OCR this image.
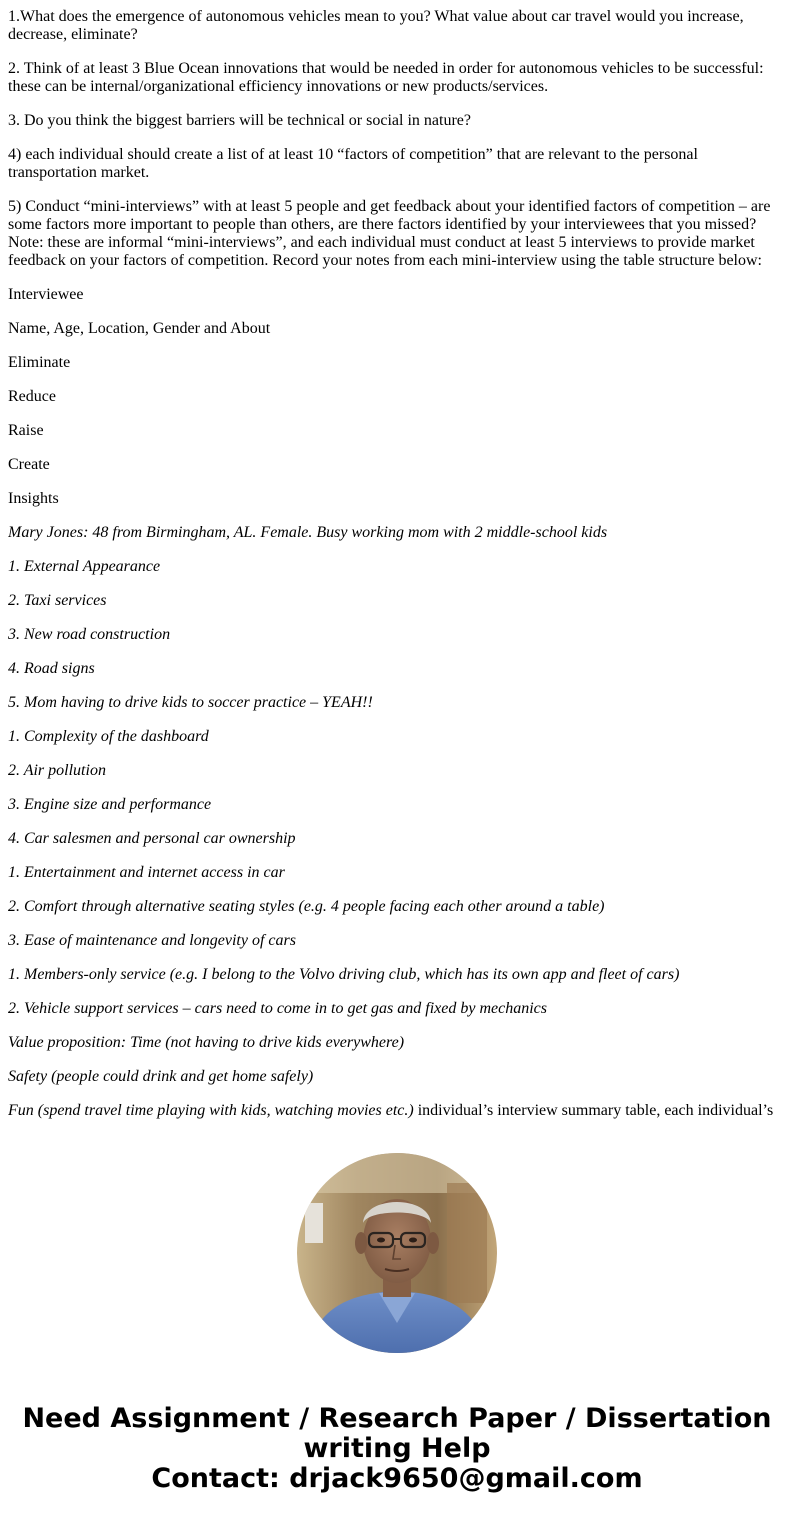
1.What does the emergence of autonomous vehicles mean to you? What value about car travel would you increase, decrease, eliminate?

2. Think of at least 3 Blue Ocean innovations that would be needed in order for autonomous vehicles to be successful: these can be internal/organizational efficiency innovations or new products/services.

3. Do you think the biggest barriers will be technical or social in nature?

4) each individual should create a list of at least 10 “factors of competition” that are relevant to the personal transportation market.

5) Conduct “mini-interviews” with at least 5 people and get feedback about your identified factors of competition – are some factors more important to people than others, are there factors identified by your interviewees that you missed? Note: these are informal “mini-interviews”, and each individual must conduct at least 5 interviews to provide market feedback on your factors of competition. Record your notes from each mini-interview using the table structure below:

Interviewee

Name, Age, Location, Gender and About

Eliminate

Reduce

Raise

Create

Insights

Mary Jones: 48 from Birmingham, AL. Female. Busy working mom with 2 middle-school kids

1. External Appearance

2. Taxi services

3. New road construction

4. Road signs

5. Mom having to drive kids to soccer practice – YEAH!!

1. Complexity of the dashboard

2. Air pollution

3. Engine size and performance

4. Car salesmen and personal car ownership

1. Entertainment and internet access in car

2. Comfort through alternative seating styles (e.g. 4 people facing each other around a table)

3. Ease of maintenance and longevity of cars

1. Members-only service (e.g. I belong to the Volvo driving club, which has its own app and fleet of cars)

2. Vehicle support services – cars need to come in to get gas and fixed by mechanics

Value proposition: Time (not having to drive kids everywhere)

Safety (people could drink and get home safely)

Fun (spend travel time playing with kids, watching movies etc.) individual’s interview summary table, each individual’s

Need Assignment / Research Paper / Dissertation
writing Help
Contact: drjack9650@gmail.com
